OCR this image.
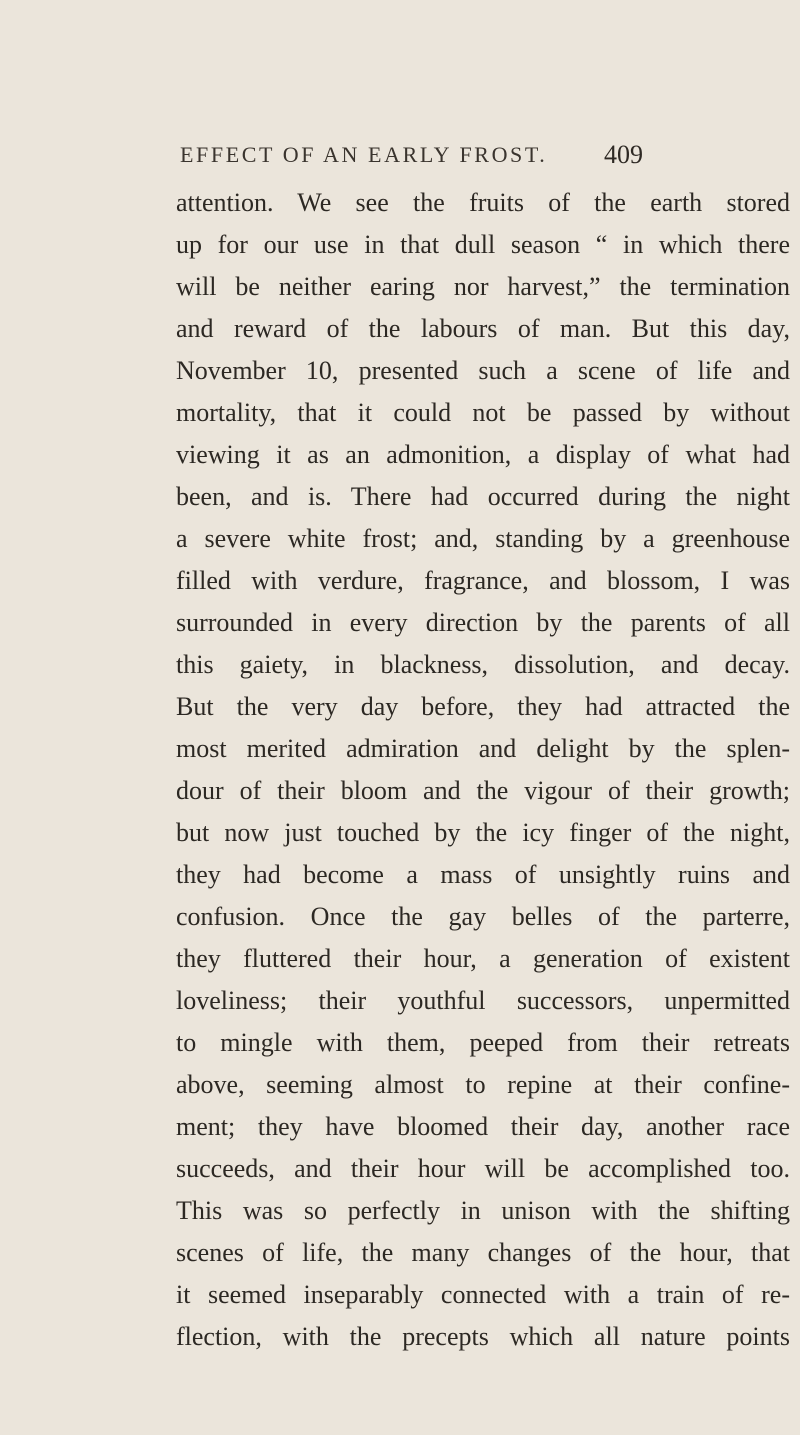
EFFECT OF AN EARLY FROST. 409
attention. We see the fruits of the earth stored
up for our use in that dull season “ in which there
will be neither earing nor harvest,” the termination
and reward of the labours of man. But this day,
November 10, presented such a scene of life and
mortality, that it could not be passed by without
viewing it as an admonition, a display of what had
been, and is. There had occurred during the night
a severe white frost; and, standing by a greenhouse
filled with verdure, fragrance, and blossom, I was
surrounded in every direction by the parents of all
this gaiety, in blackness, dissolution, and decay.
But the very day before, they had attracted the
most merited admiration and delight by the splen-
dour of their bloom and the vigour of their growth;
but now just touched by the icy finger of the night,
they had become a mass of unsightly ruins and
confusion. Once the gay belles of the parterre,
they fluttered their hour, a generation of existent
loveliness; their youthful successors, unpermitted
to mingle with them, peeped from their retreats
above, seeming almost to repine at their confine-
ment; they have bloomed their day, another race
succeeds, and their hour will be accomplished too.
This was so perfectly in unison with the shifting
scenes of life, the many changes of the hour, that
it seemed inseparably connected with a train of re-
flection, with the precepts which all nature points
